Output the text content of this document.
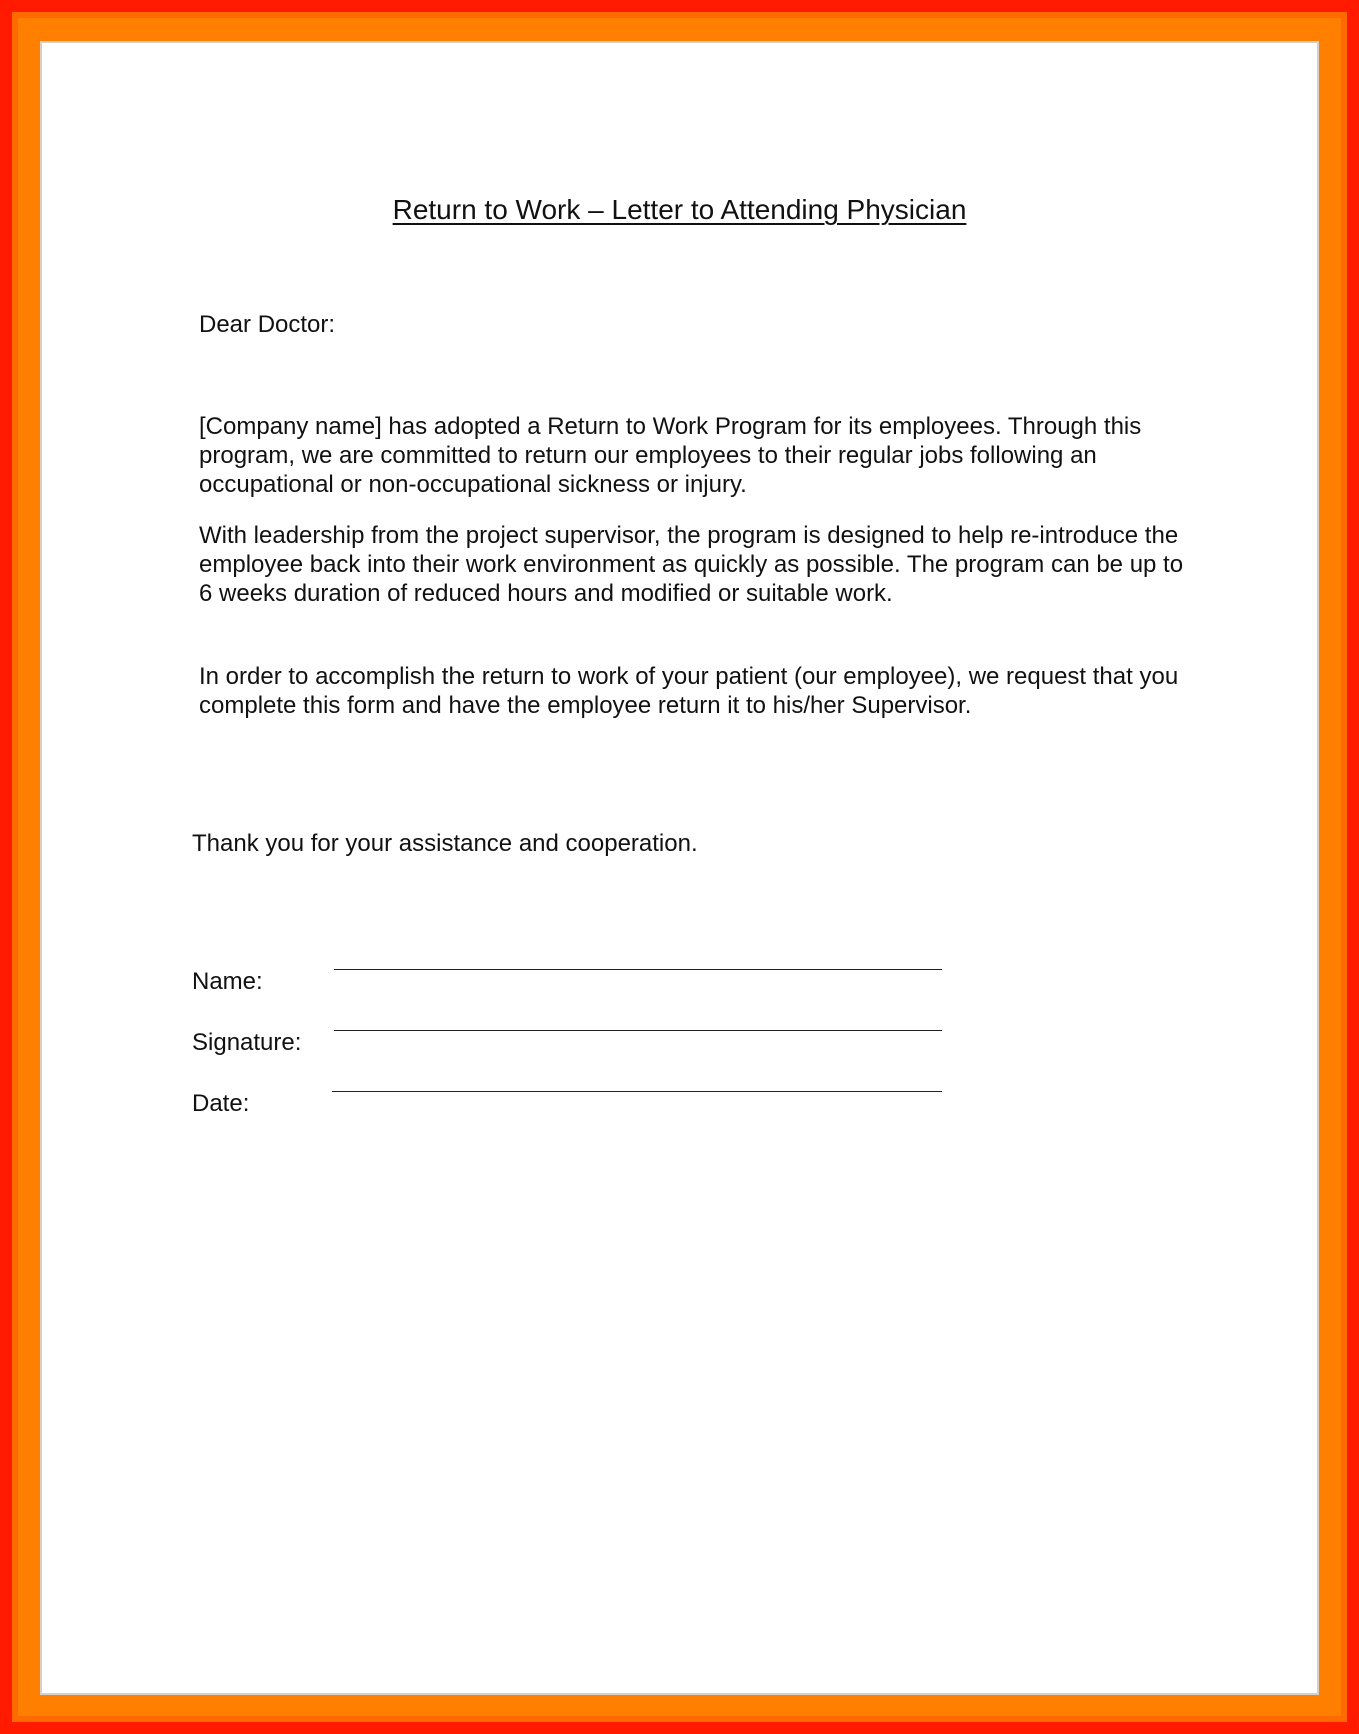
Return to Work – Letter to Attending Physician

Dear Doctor:

[Company name] has adopted a Return to Work Program for its employees. Through this program, we are committed to return our employees to their regular jobs following an occupational or non-occupational sickness or injury.

With leadership from the project supervisor, the program is designed to help re-introduce the employee back into their work environment as quickly as possible. The program can be up to 6 weeks duration of reduced hours and modified or suitable work.

In order to accomplish the return to work of your patient (our employee), we request that you complete this form and have the employee return it to his/her Supervisor.

Thank you for your assistance and cooperation.

Name:
Signature:
Date:
